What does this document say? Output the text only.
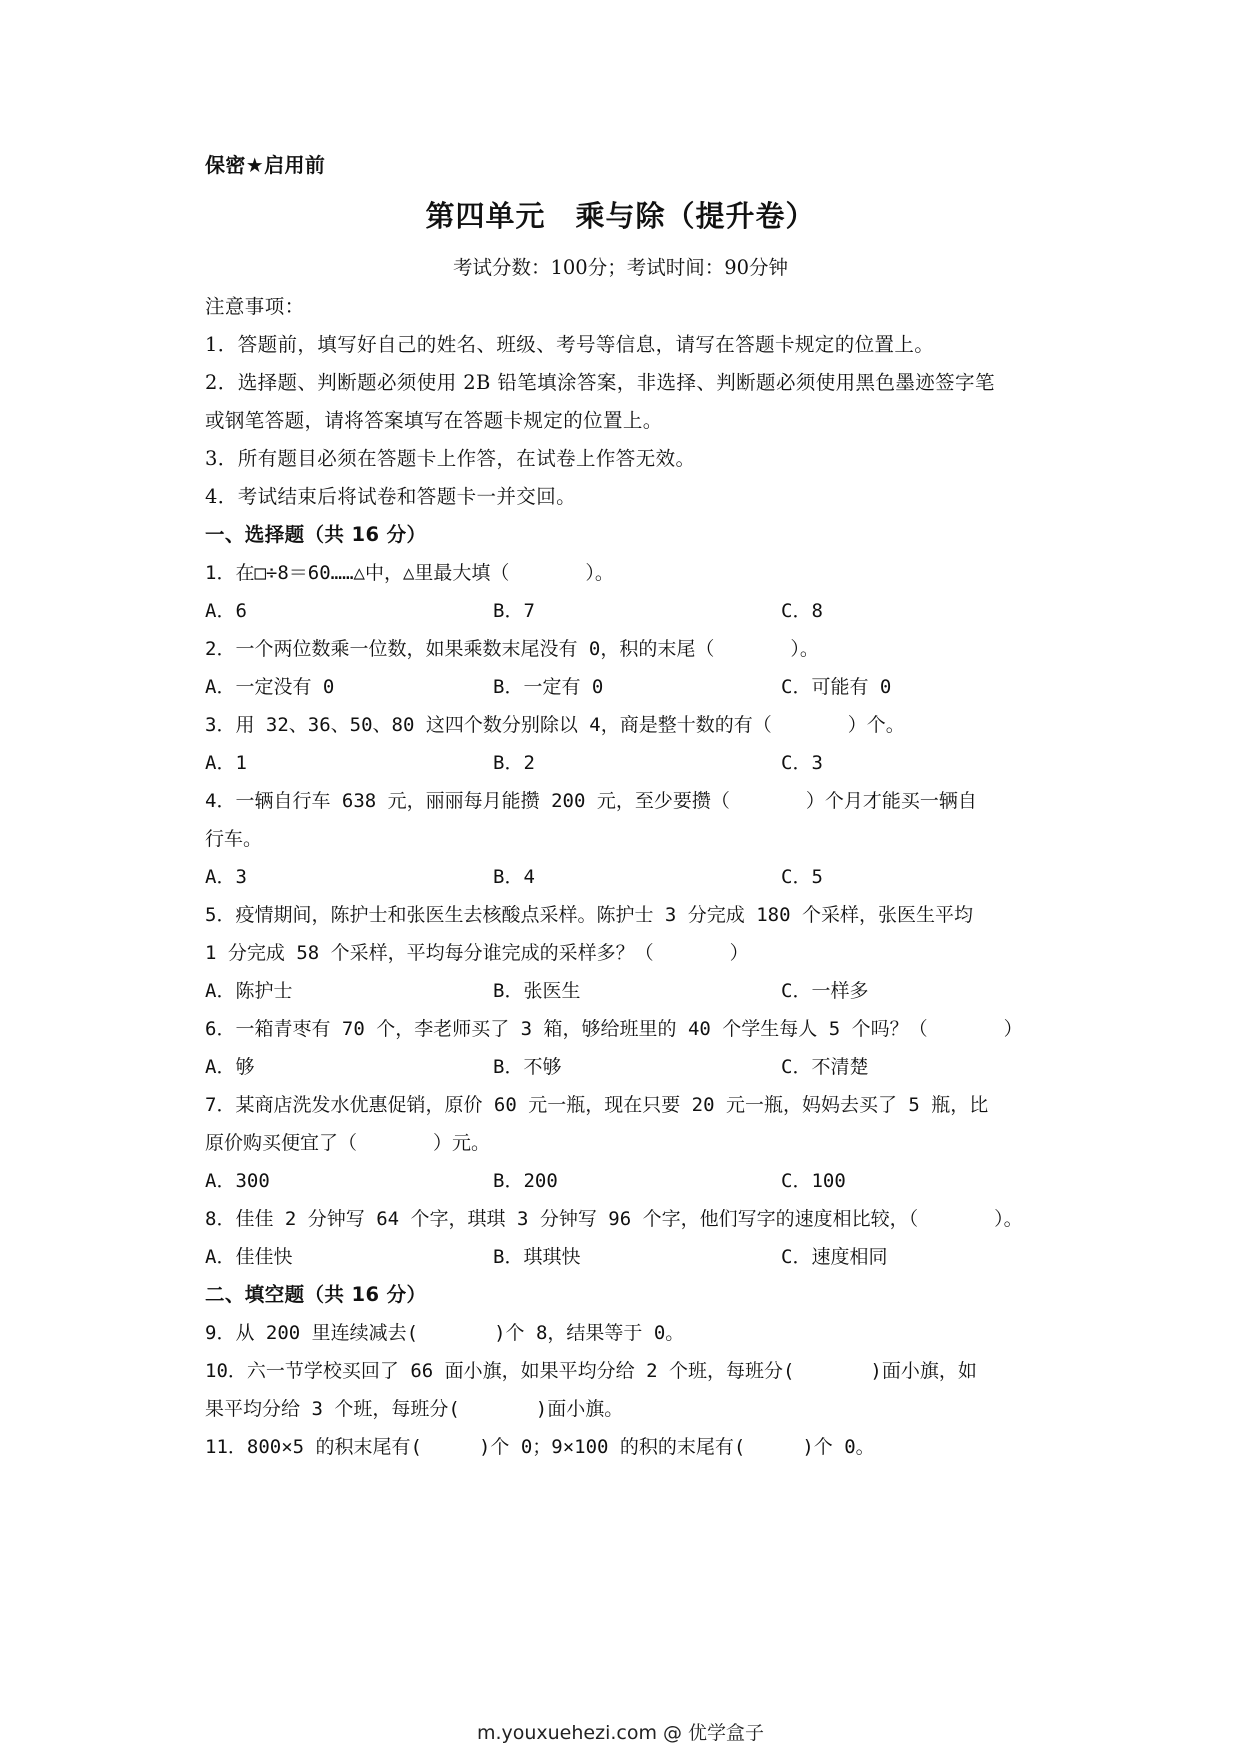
保密★启用前
第四单元　乘与除（提升卷）
考试分数：100分；考试时间：90分钟
注意事项：
1．答题前，填写好自己的姓名、班级、考号等信息，请写在答题卡规定的位置上。
2．选择题、判断题必须使用 2B 铅笔填涂答案，非选择、判断题必须使用黑色墨迹签字笔
或钢笔答题，请将答案填写在答题卡规定的位置上。
3．所有题目必须在答题卡上作答，在试卷上作答无效。
4．考试结束后将试卷和答题卡一并交回。
一、选择题（共 16 分）
1．在□÷8＝60……△中，△里最大填（　　　　）。
A．6	B．7	C．8
2．一个两位数乘一位数，如果乘数末尾没有 0，积的末尾（　　　　）。
A．一定没有 0	B．一定有 0	C．可能有 0
3．用 32、36、50、80 这四个数分别除以 4，商是整十数的有（　　　　）个。
A．1	B．2	C．3
4．一辆自行车 638 元，丽丽每月能攒 200 元，至少要攒（　　　　）个月才能买一辆自
行车。
A．3	B．4	C．5
5．疫情期间，陈护士和张医生去核酸点采样。陈护士 3 分完成 180 个采样，张医生平均
1 分完成 58 个采样，平均每分谁完成的采样多？（　　　　）
A．陈护士	B．张医生	C．一样多
6．一箱青枣有 70 个，李老师买了 3 箱，够给班里的 40 个学生每人 5 个吗？（　　　　）
A．够	B．不够	C．不清楚
7．某商店洗发水优惠促销，原价 60 元一瓶，现在只要 20 元一瓶，妈妈去买了 5 瓶，比
原价购买便宜了（　　　　）元。
A．300	B．200	C．100
8．佳佳 2 分钟写 64 个字，琪琪 3 分钟写 96 个字，他们写字的速度相比较，（　　　　）。
A．佳佳快	B．琪琪快	C．速度相同
二、填空题（共 16 分）
9．从 200 里连续减去(　　　　)个 8，结果等于 0。
10．六一节学校买回了 66 面小旗，如果平均分给 2 个班，每班分(　　　　)面小旗，如
果平均分给 3 个班，每班分(　　　　)面小旗。
11．800×5 的积末尾有(　　　)个 0；9×100 的积的末尾有(　　　)个 0。
m.youxuehezi.com @ 优学盒子
